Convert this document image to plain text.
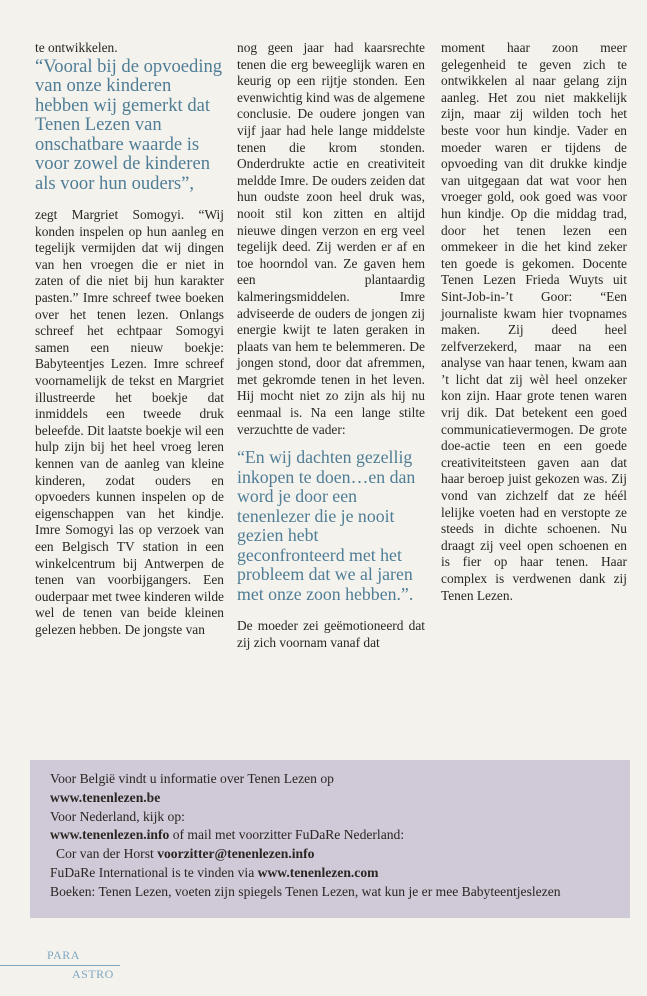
te ontwikkelen.

“Vooral bij de opvoeding van onze kinderen hebben wij gemerkt dat Tenen Lezen van onschatbare waarde is voor zowel de kinderen als voor hun ouders”,

zegt Margriet Somogyi. “Wij konden inspelen op hun aanleg en tegelijk vermijden dat wij dingen van hen vroegen die er niet in zaten of die niet bij hun karakter pasten.” Imre schreef twee boeken over het tenen lezen. Onlangs schreef het echtpaar Somogyi samen een nieuw boekje: Babyteentjes Lezen. Imre schreef voornamelijk de tekst en Margriet illustreerde het boekje dat inmiddels een tweede druk beleefde. Dit laatste boekje wil een hulp zijn bij het heel vroeg leren kennen van de aanleg van kleine kinderen, zodat ouders en opvoeders kunnen inspelen op de eigenschappen van het kindje. Imre Somogyi las op verzoek van een Belgisch TV station in een winkelcentrum bij Antwerpen de tenen van voorbijgangers. Een ouderpaar met twee kinderen wilde wel de tenen van beide kleinen gelezen hebben. De jongste van

nog geen jaar had kaarsrechte tenen die erg beweeglijk waren en keurig op een rijtje stonden. Een evenwichtig kind was de algemene conclusie. De oudere jongen van vijf jaar had hele lange middelste tenen die krom stonden. Onderdrukte actie en creativiteit meldde Imre. De ouders zeiden dat hun oudste zoon heel druk was, nooit stil kon zitten en altijd nieuwe dingen verzon en erg veel tegelijk deed. Zij werden er af en toe hoorndol van. Ze gaven hem een plantaardig kalmeringsmiddelen. Imre adviseerde de ouders de jongen zij energie kwijt te laten geraken in plaats van hem te belemmeren. De jongen stond, door dat afremmen, met gekromde tenen in het leven. Hij mocht niet zo zijn als hij nu eenmaal is. Na een lange stilte verzuchtte de vader:

“En wij dachten gezellig inkopen te doen…en dan word je door een tenenlezer die je nooit gezien hebt geconfronteerd met het probleem dat we al jaren met onze zoon hebben.”.

De moeder zei geëmotioneerd dat zij zich voornam vanaf dat

moment haar zoon meer gelegenheid te geven zich te ontwikkelen al naar gelang zijn aanleg. Het zou niet makkelijk zijn, maar zij wilden toch het beste voor hun kindje. Vader en moeder waren er tijdens de opvoeding van dit drukke kindje van uitgegaan dat wat voor hen vroeger gold, ook goed was voor hun kindje. Op die middag trad, door het tenen lezen een ommekeer in die het kind zeker ten goede is gekomen. Docente Tenen Lezen Frieda Wuyts uit Sint-Job-in-’t Goor: “Een journaliste kwam hier tvopnames maken. Zij deed heel zelfverzekerd, maar na een analyse van haar tenen, kwam aan ’t licht dat zij wèl heel onzeker kon zijn. Haar grote tenen waren vrij dik. Dat betekent een goed communicatievermogen. De grote doe-actie teen en een goede creativiteitsteen gaven aan dat haar beroep juist gekozen was. Zij vond van zichzelf dat ze héél lelijke voeten had en verstopte ze steeds in dichte schoenen. Nu draagt zij veel open schoenen en is fier op haar tenen. Haar complex is verdwenen dank zij Tenen Lezen.

Voor België vindt u informatie over Tenen Lezen op
www.tenenlezen.be
Voor Nederland, kijk op:
www.tenenlezen.info of mail met voorzitter FuDaRe Nederland:
Cor van der Horst voorzitter@tenenlezen.info
FuDaRe International is te vinden via www.tenenlezen.com
Boeken: Tenen Lezen, voeten zijn spiegels Tenen Lezen, wat kun je er mee Babyteentjeslezen
PARA
ASTRO
